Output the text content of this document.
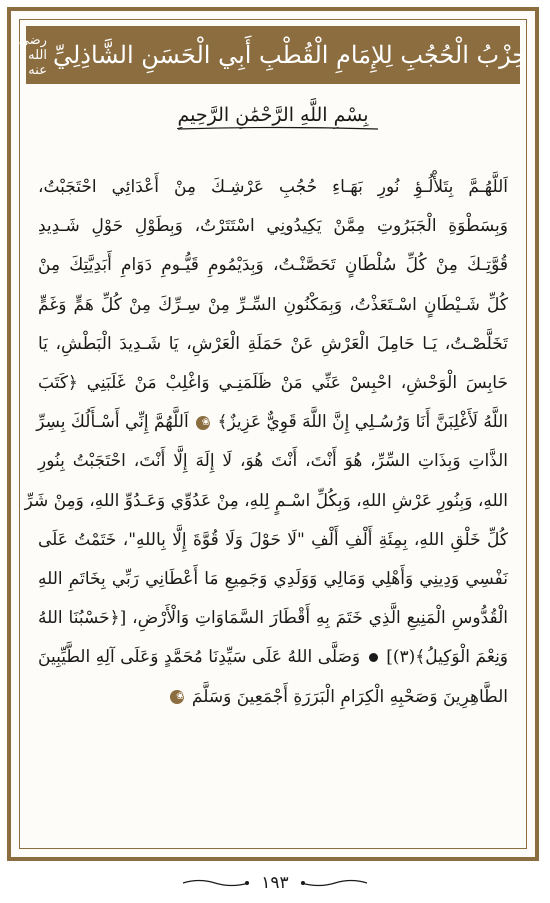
حِزْبُ الْحُجُبِ لِلإِمَامِ الْقُطْبِ أَبِي الْحَسَنِ الشَّاذِلِيِّ
رضي الله عنه
بِسْمِ اللَّهِ الرَّحْمَٰنِ الرَّحِيمِ
اَللَّهُـمَّ بِتَلأْلُـؤِ نُورِ بَهَـاءِ حُجُبِ عَرْشِـكَ مِنْ أَعْدَائِي احْتَجَبْتُ،
وَبِسَطْوَةِ الْجَبَرُوتِ مِمَّنْ يَكِيدُونِي اسْتَتَرْتُ، وَبِطَوْلِ حَوْلِ شَـدِيدِ
قُوَّتِـكَ مِنْ كُلِّ سُلْطَانٍ تَحَصَّنْـتُ، وَبِدَيْمُومِ قَيُّـومِ دَوَامِ أَبَدِيَّتِكَ مِنْ
كُلِّ شَـيْطَانٍ اسْـتَعَذْتُ، وَبِمَكْنُونِ السِّـرِّ مِنْ سِـرِّكَ مِنْ كُلِّ هَمٍّ وَغَمٍّ
تَخَلَّصْـتُ، يَـا حَامِلَ الْعَرْشِ عَنْ حَمَلَةِ الْعَرْشِ، يَا شَـدِيدَ الْبَطْشِ، يَا
حَابِسَ الْوَحْشِ، احْبِسْ عَنِّي مَنْ ظَلَمَنِـي وَاغْلِبْ مَنْ غَلَبَنِي ﴿كَتَبَ
اللَّهُ لَأَغْلِبَنَّ أَنَا وَرُسُـلِي إِنَّ اللَّهَ قَوِيٌّ عَزِيزٌ﴾ ❀ اَللَّهُمَّ إِنِّي أَسْـأَلُكَ بِسِرِّ
الذَّاتِ وَبِذَاتِ السِّرِّ، هُوَ أَنْتَ، أَنْتَ هُوَ، لَا إِلَهَ إِلَّا أَنْتَ، احْتَجَبْتُ بِنُورِ
اللهِ، وَبِنُورِ عَرْشِ اللهِ، وَبِكُلِّ اسْـمٍ لِلهِ، مِنْ عَدُوِّي وَعَـدُوِّ اللهِ، وَمِنْ شَرِّ
كُلِّ خَلْقِ اللهِ، بِمِئَةِ أَلْفِ أَلْفِ "لَا حَوْلَ وَلَا قُوَّةَ إِلَّا بِاللهِ"، خَتَمْتُ عَلَى
نَفْسِي وَدِينِي وَأَهْلِي وَمَالِي وَوَلَدِي وَجَمِيعِ مَا أَعْطَانِي رَبِّي بِخَاتَمِ اللهِ
الْقُدُّوسِ الْمَنِيعِ الَّذِي خَتَمَ بِهِ أَقْطَارَ السَّمَاوَاتِ وَالْأَرْضِ، [﴿حَسْبُنَا اللهُ
وَنِعْمَ الْوَكِيلُ﴾(٣)]  وَصَلَّى اللهُ عَلَى سَيِّدِنَا مُحَمَّدٍ وَعَلَى آلِهِ الطَّيِّبِينَ
الطَّاهِرِينَ وَصَحْبِهِ الْكِرَامِ الْبَرَرَةِ أَجْمَعِينَ وَسَلَّمَ ❀
١٩٣
